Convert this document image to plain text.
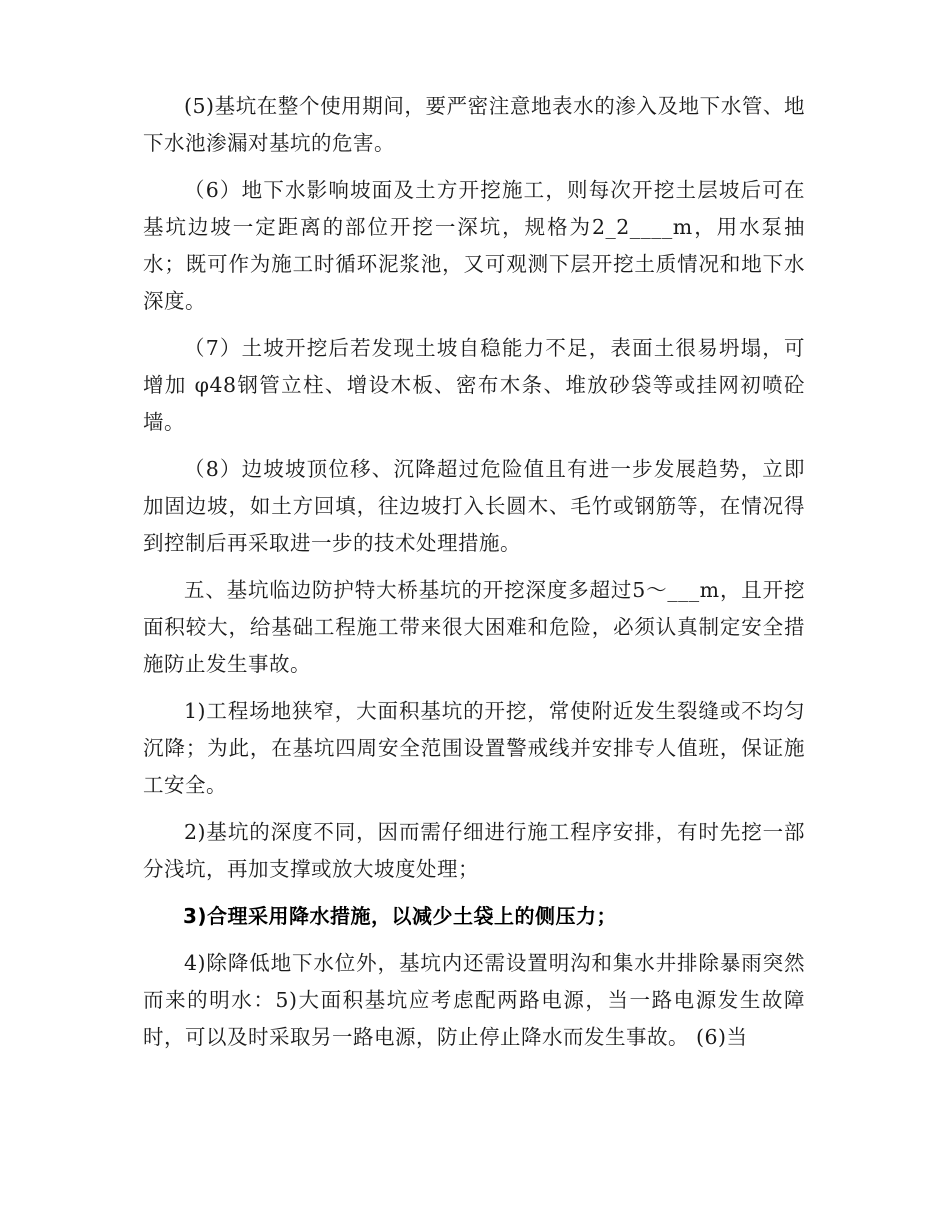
(5)基坑在整个使用期间，要严密注意地表水的渗入及地下水管、地下水池渗漏对基坑的危害。

（6）地下水影响坡面及土方开挖施工，则每次开挖土层坡后可在基坑边坡一定距离的部位开挖一深坑，规格为2_2____m，用水泵抽水；既可作为施工时循环泥浆池，又可观测下层开挖土质情况和地下水深度。

（7）土坡开挖后若发现土坡自稳能力不足，表面土很易坍塌，可增加 φ48钢管立柱、增设木板、密布木条、堆放砂袋等或挂网初喷砼墙。

（8）边坡坡顶位移、沉降超过危险值且有进一步发展趋势，立即加固边坡，如土方回填，往边坡打入长圆木、毛竹或钢筋等，在情况得到控制后再采取进一步的技术处理措施。

五、基坑临边防护特大桥基坑的开挖深度多超过5～___m，且开挖面积较大，给基础工程施工带来很大困难和危险，必须认真制定安全措施防止发生事故。

1)工程场地狭窄，大面积基坑的开挖，常使附近发生裂缝或不均匀沉降；为此，在基坑四周安全范围设置警戒线并安排专人值班，保证施工安全。

2)基坑的深度不同，因而需仔细进行施工程序安排，有时先挖一部分浅坑，再加支撑或放大坡度处理；

3)合理采用降水措施，以减少土袋上的侧压力；

4)除降低地下水位外，基坑内还需设置明沟和集水井排除暴雨突然而来的明水：5)大面积基坑应考虑配两路电源，当一路电源发生故障时，可以及时采取另一路电源，防止停止降水而发生事故。 (6)当
